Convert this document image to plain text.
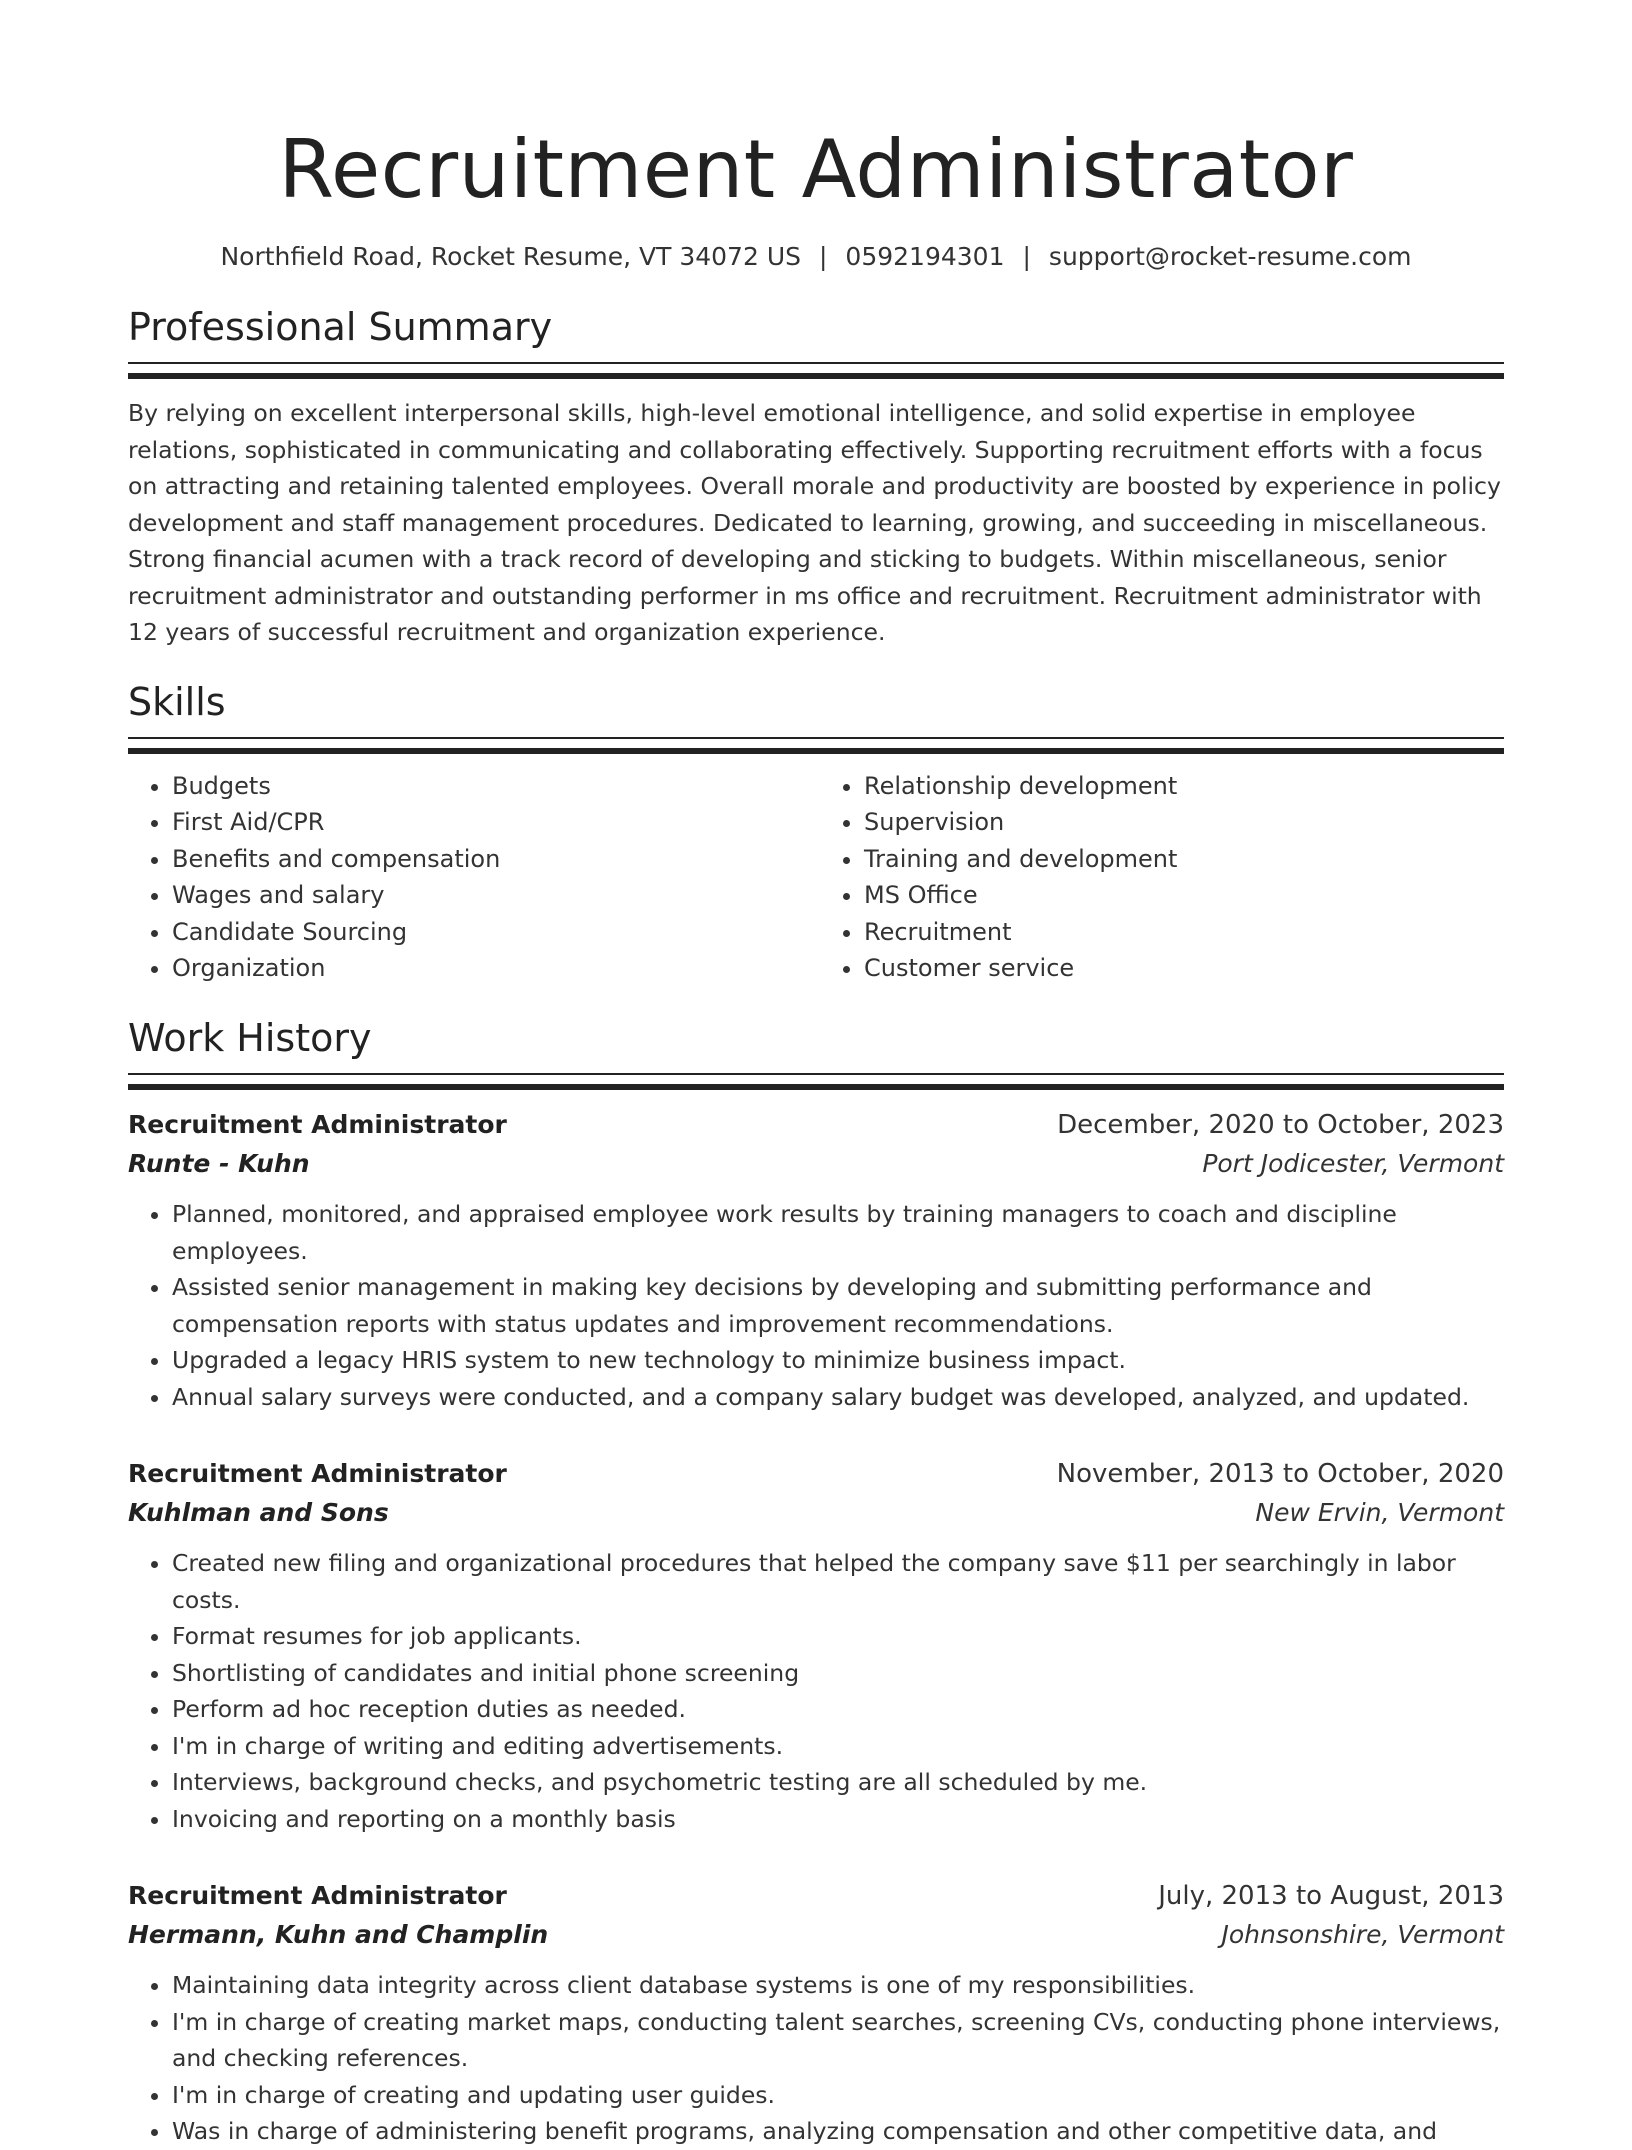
Recruitment Administrator
Northfield Road, Rocket Resume, VT 34072 US | 0592194301 | support@rocket-resume.com
Professional Summary

By relying on excellent interpersonal skills, high-level emotional intelligence, and solid expertise in employee relations, sophisticated in communicating and collaborating effectively. Supporting recruitment efforts with a focus on attracting and retaining talented employees. Overall morale and productivity are boosted by experience in policy development and staff management procedures. Dedicated to learning, growing, and succeeding in miscellaneous. Strong financial acumen with a track record of developing and sticking to budgets. Within miscellaneous, senior recruitment administrator and outstanding performer in ms office and recruitment. Recruitment administrator with 12 years of successful recruitment and organization experience.

Skills
• Budgets
• First Aid/CPR
• Benefits and compensation
• Wages and salary
• Candidate Sourcing
• Organization
• Relationship development
• Supervision
• Training and development
• MS Office
• Recruitment
• Customer service
Work History
Recruitment Administrator	December, 2020 to October, 2023
Runte - Kuhn	Port Jodicester, Vermont
• Planned, monitored, and appraised employee work results by training managers to coach and discipline employees.
• Assisted senior management in making key decisions by developing and submitting performance and compensation reports with status updates and improvement recommendations.
• Upgraded a legacy HRIS system to new technology to minimize business impact.
• Annual salary surveys were conducted, and a company salary budget was developed, analyzed, and updated.
Recruitment Administrator	November, 2013 to October, 2020
Kuhlman and Sons	New Ervin, Vermont
• Created new filing and organizational procedures that helped the company save $11 per searchingly in labor costs.
• Format resumes for job applicants.
• Shortlisting of candidates and initial phone screening
• Perform ad hoc reception duties as needed.
• I'm in charge of writing and editing advertisements.
• Interviews, background checks, and psychometric testing are all scheduled by me.
• Invoicing and reporting on a monthly basis
Recruitment Administrator	July, 2013 to August, 2013
Hermann, Kuhn and Champlin	Johnsonshire, Vermont
• Maintaining data integrity across client database systems is one of my responsibilities.
• I'm in charge of creating market maps, conducting talent searches, screening CVs, conducting phone interviews, and checking references.
• I'm in charge of creating and updating user guides.
• Was in charge of administering benefit programs, analyzing compensation and other competitive data, and
